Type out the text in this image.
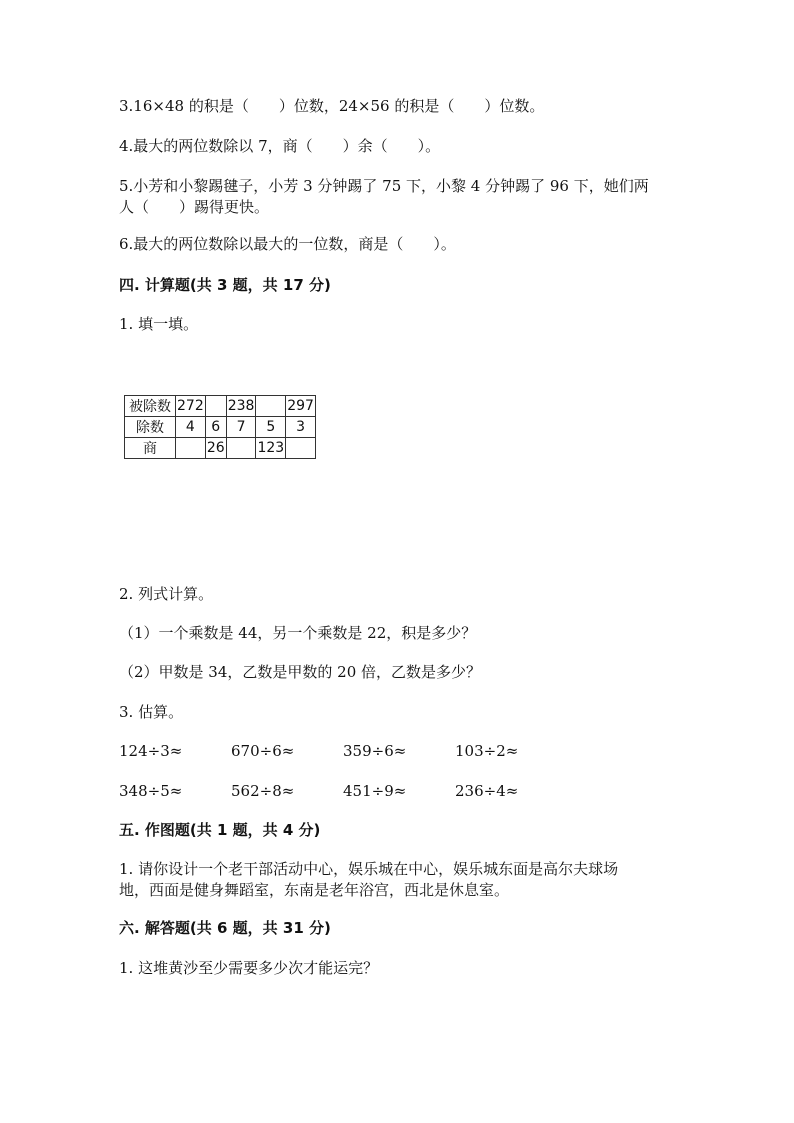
3.16×48 的积是（　　）位数，24×56 的积是（　　）位数。
4.最大的两位数除以 7，商（　　）余（　　）。
5.小芳和小黎踢毽子，小芳 3 分钟踢了 75 下，小黎 4 分钟踢了 96 下，她们两
人（　　）踢得更快。
6.最大的两位数除以最大的一位数，商是（　　）。
四. 计算题(共 3 题，共 17 分)
1. 填一填。
被除数	272		238		297
除数	4	6	7	5	3
商		26		123	
2. 列式计算。
（1）一个乘数是 44，另一个乘数是 22，积是多少？
（2）甲数是 34，乙数是甲数的 20 倍，乙数是多少？
3. 估算。
124÷3≈	670÷6≈	359÷6≈	103÷2≈
348÷5≈	562÷8≈	451÷9≈	236÷4≈
五. 作图题(共 1 题，共 4 分)
1. 请你设计一个老干部活动中心，娱乐城在中心，娱乐城东面是高尔夫球场
地，西面是健身舞蹈室，东南是老年浴宫，西北是休息室。
六. 解答题(共 6 题，共 31 分)
1. 这堆黄沙至少需要多少次才能运完？
